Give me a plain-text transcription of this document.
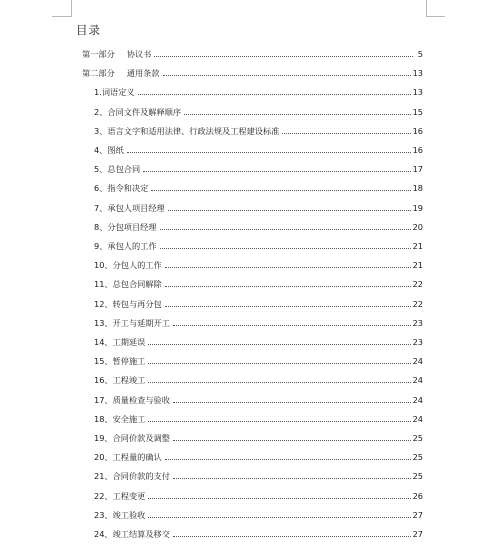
目录
第一部分 协议书	5
第二部分 通用条款	13
1.词语定义	13
2、合同文件及解释顺序	15
3、语言文字和适用法律、行政法规及工程建设标准	16
4、图纸	16
5、总包合同	17
6、指令和决定	18
7、承包人项目经理	19
8、分包项目经理	20
9、承包人的工作	21
10、分包人的工作	21
11、总包合同解除	22
12、转包与再分包	22
13、开工与延期开工	23
14、工期延误	23
15、暂停施工	24
16、工程竣工	24
17、质量检查与验收	24
18、安全施工	24
19、合同价款及调整	25
20、工程量的确认	25
21、合同价款的支付	25
22、工程变更	26
23、竣工验收	27
24、竣工结算及移交	27
